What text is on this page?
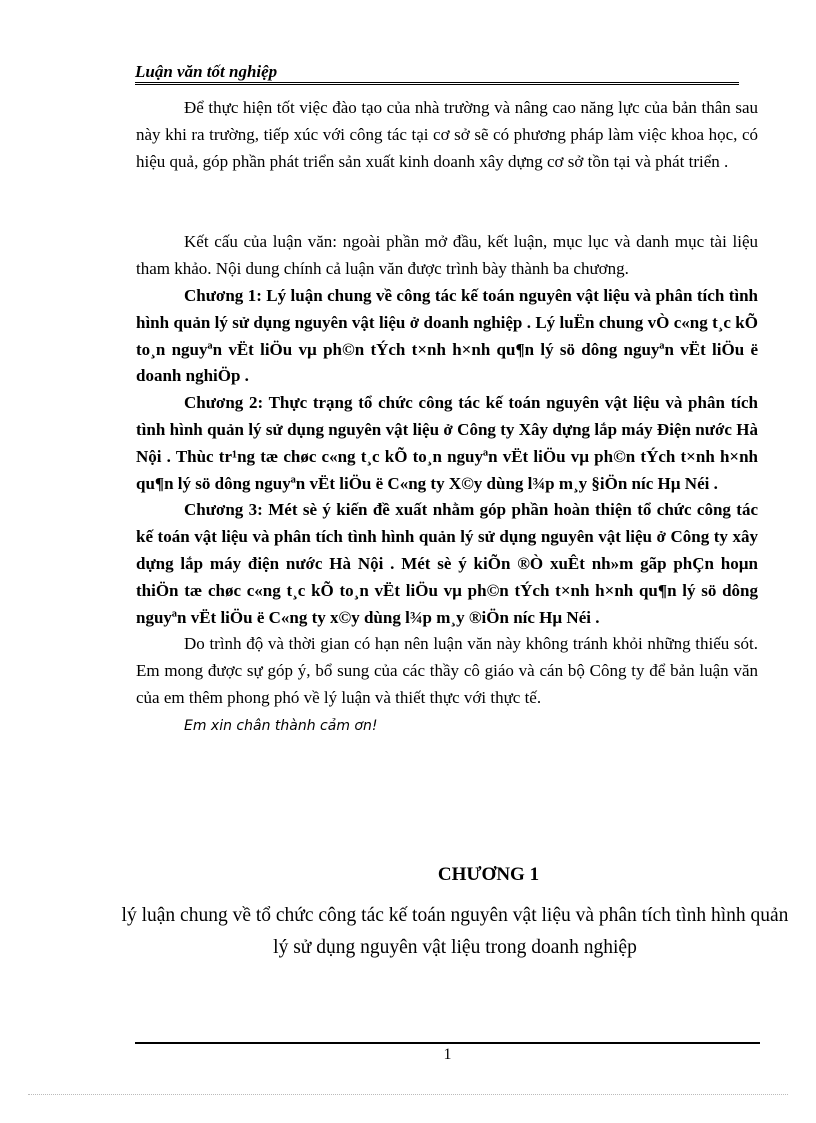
Luận văn tốt nghiệp

Để thực hiện tốt việc đào tạo của nhà trường và nâng cao năng lực của bản thân sau này khi ra trường, tiếp xúc với công tác tại cơ sở sẽ có phương pháp làm việc khoa học, có hiệu quả, góp phần phát triển sản xuất kinh doanh xây dựng cơ sở tồn tại và phát triển .

Kết cấu của luận văn: ngoài phần mở đầu, kết luận, mục lục và danh mục tài liệu tham khảo. Nội dung chính cả luận văn được trình bày thành ba chương.

Chương 1: Lý luận chung về công tác kế toán nguyên vật liệu và phân tích tình hình quản lý sử dụng nguyên vật liệu ở doanh nghiệp . Lý luËn chung vÒ c«ng t¸c kÕ to¸n nguyªn vËt liÖu vµ ph©n tÝch t×nh h×nh qu¶n lý sö dông nguyªn vËt liÖu ë doanh nghiÖp .

Chương 2: Thực trạng tổ chức công tác kế toán nguyên vật liệu và phân tích tình hình quản lý sử dụng nguyên vật liệu ở Công ty Xây dựng lắp máy Điện nước Hà Nội . Thùc tr¹ng tæ chøc c«ng t¸c kÕ to¸n nguyªn vËt liÖu vµ ph©n tÝch t×nh h×nh qu¶n lý sö dông nguyªn vËt liÖu ë C«ng ty X©y dùng l¾p m¸y §iÖn níc Hµ Néi .

Chương 3: Mét sè ý kiến đề xuất nhằm góp phần hoàn thiện tổ chức công tác kế toán vật liệu và phân tích tình hình quản lý sử dụng nguyên vật liệu ở Công ty xây dựng lắp máy điện nước Hà Nội . Mét sè ý kiÕn ®Ò xuÊt nh»m gãp phÇn hoµn thiÖn tæ chøc c«ng t¸c kÕ to¸n vËt liÖu vµ ph©n tÝch t×nh h×nh qu¶n lý sö dông nguyªn vËt liÖu ë C«ng ty x©y dùng l¾p m¸y ®iÖn níc Hµ Néi .

Do trình độ và thời gian có hạn nên luận văn này không tránh khỏi những thiếu sót. Em mong được sự góp ý, bổ sung của các thầy cô giáo và cán bộ Công ty để bản luận văn của em thêm phong phó về lý luận và thiết thực với thực tế.

Em xin chân thành cảm ơn!

CHƯƠNG 1
lý luận chung về tổ chức công tác kế toán nguyên vật liệu và phân tích tình hình quản lý sử dụng nguyên vật liệu trong doanh nghiệp
1
